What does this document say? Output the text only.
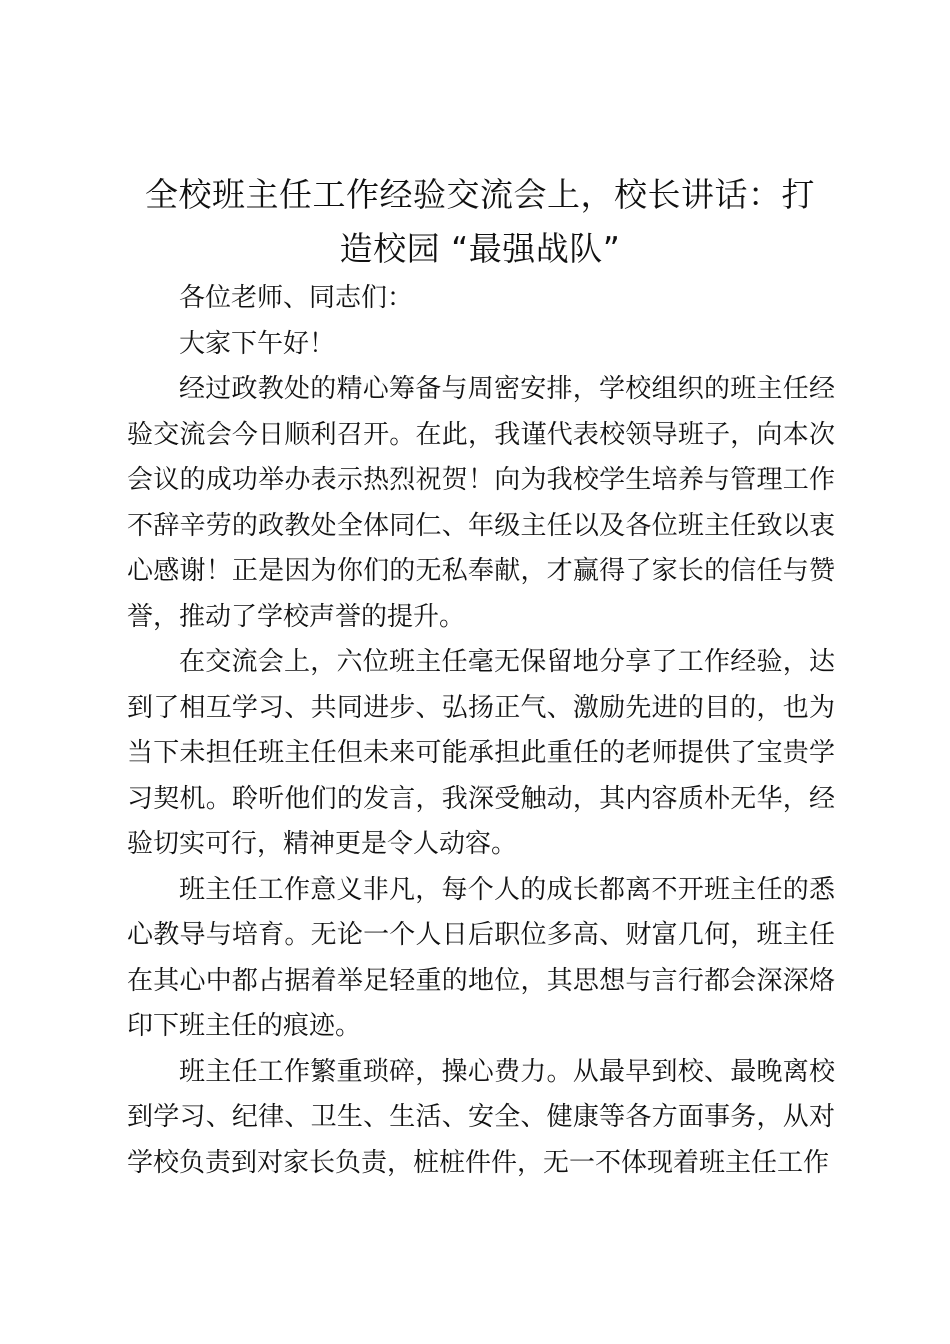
全校班主任工作经验交流会上，校长讲话：打
造校园 “最强战队”

各位老师、同志们：

大家下午好！

经过政教处的精心筹备与周密安排，学校组织的班主任经验交流会今日顺利召开。在此，我谨代表校领导班子，向本次会议的成功举办表示热烈祝贺！向为我校学生培养与管理工作不辞辛劳的政教处全体同仁、年级主任以及各位班主任致以衷心感谢！正是因为你们的无私奉献，才赢得了家长的信任与赞誉，推动了学校声誉的提升。

在交流会上，六位班主任毫无保留地分享了工作经验，达到了相互学习、共同进步、弘扬正气、激励先进的目的，也为当下未担任班主任但未来可能承担此重任的老师提供了宝贵学习契机。聆听他们的发言，我深受触动，其内容质朴无华，经验切实可行，精神更是令人动容。

班主任工作意义非凡，每个人的成长都离不开班主任的悉心教导与培育。无论一个人日后职位多高、财富几何，班主任在其心中都占据着举足轻重的地位，其思想与言行都会深深烙印下班主任的痕迹。

班主任工作繁重琐碎，操心费力。从最早到校、最晚离校到学习、纪律、卫生、生活、安全、健康等各方面事务，从对学校负责到对家长负责，桩桩件件，无一不体现着班主任工作
